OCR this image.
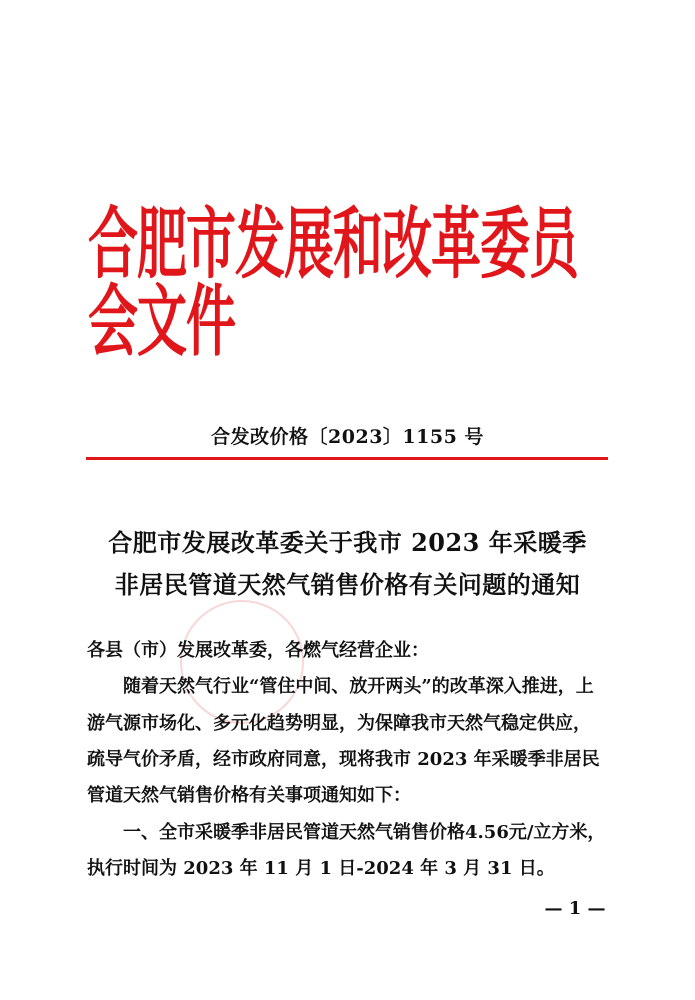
合肥市发展和改革委员会文件
合发改价格〔2023〕1155 号
合肥市发展改革委关于我市 2023 年采暖季
非居民管道天然气销售价格有关问题的通知
各县（市）发展改革委，各燃气经营企业：
随着天然气行业“管住中间、放开两头”的改革深入推进，上
游气源市场化、多元化趋势明显，为保障我市天然气稳定供应，
疏导气价矛盾，经市政府同意，现将我市 2023 年采暖季非居民
管道天然气销售价格有关事项通知如下：
一、全市采暖季非居民管道天然气销售价格4.56元/立方米，
执行时间为 2023 年 11 月 1 日-2024 年 3 月 31 日。
— 1 —
